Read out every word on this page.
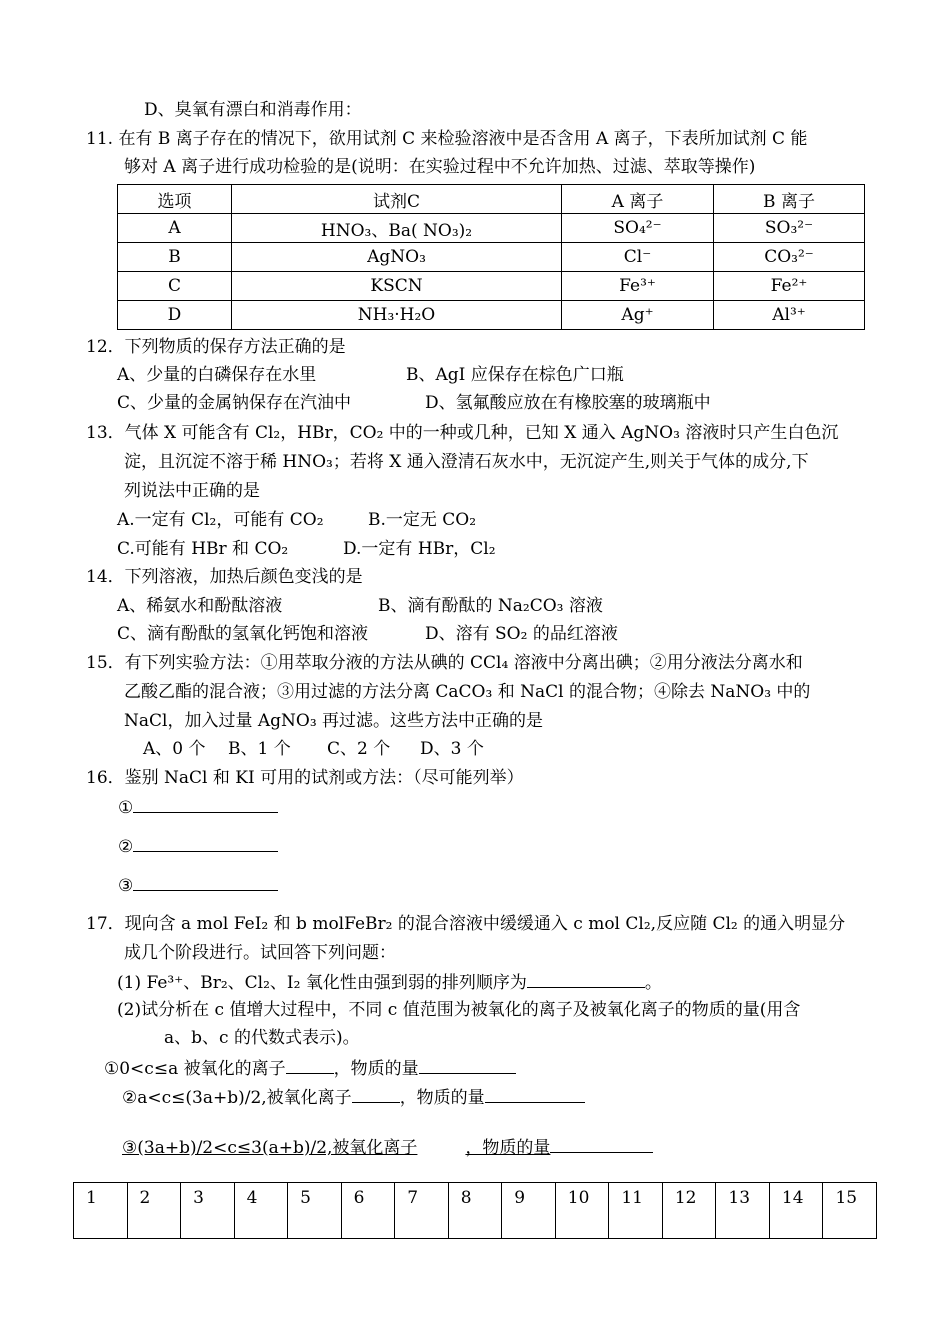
D、臭氧有漂白和消毒作用：
11. 在有 B 离子存在的情况下，欲用试剂 C 来检验溶液中是否含用 A 离子，下表所加试剂 C 能
够对 A 离子进行成功检验的是(说明：在实验过程中不允许加热、过滤、萃取等操作)
选项	试剂C	A 离子	B 离子
A	HNO₃、Ba( NO₃)₂	SO₄²⁻	SO₃²⁻
B	AgNO₃	Cl⁻	CO₃²⁻
C	KSCN	Fe³⁺	Fe²⁺
D	NH₃·H₂O	Ag⁺	Al³⁺
12．下列物质的保存方法正确的是
A、少量的白磷保存在水里	B、AgI 应保存在棕色广口瓶
C、少量的金属钠保存在汽油中	D、氢氟酸应放在有橡胶塞的玻璃瓶中
13．气体 X 可能含有 Cl₂，HBr，CO₂ 中的一种或几种，已知 X 通入 AgNO₃ 溶液时只产生白色沉
淀，且沉淀不溶于稀 HNO₃；若将 X 通入澄清石灰水中，无沉淀产生,则关于气体的成分,下
列说法中正确的是
A.一定有 Cl₂，可能有 CO₂	B.一定无 CO₂
C.可能有 HBr 和 CO₂	D.一定有 HBr，Cl₂
14．下列溶液，加热后颜色变浅的是
A、稀氨水和酚酞溶液	B、滴有酚酞的 Na₂CO₃ 溶液
C、滴有酚酞的氢氧化钙饱和溶液	D、溶有 SO₂ 的品红溶液
15．有下列实验方法：①用萃取分液的方法从碘的 CCl₄ 溶液中分离出碘；②用分液法分离水和
乙酸乙酯的混合液；③用过滤的方法分离 CaCO₃ 和 NaCl 的混合物；④除去 NaNO₃ 中的
NaCl，加入过量 AgNO₃ 再过滤。这些方法中正确的是
A、0 个 B、1 个 C、2 个 D、3 个
16．鉴别 NaCl 和 KI 可用的试剂或方法：（尽可能列举）
①
②
③
17．现向含 a mol FeI₂ 和 b molFeBr₂ 的混合溶液中缓缓通入 c mol Cl₂,反应随 Cl₂ 的通入明显分
成几个阶段进行。试回答下列问题：
(1) Fe³⁺、Br₂、Cl₂、I₂ 氧化性由强到弱的排列顺序为	。
(2)试分析在 c 值增大过程中，不同 c 值范围为被氧化的离子及被氧化离子的物质的量(用含
a、b、c 的代数式表示)。
①0<c≤a 被氧化的离子	，物质的量
②a<c≤(3a+b)/2,被氧化离子	，物质的量
③(3a+b)/2<c≤3(a+b)/2,被氧化离子	，物质的量
1	2	3	4	5	6	7	8	9	10	11	12	13	14	15
